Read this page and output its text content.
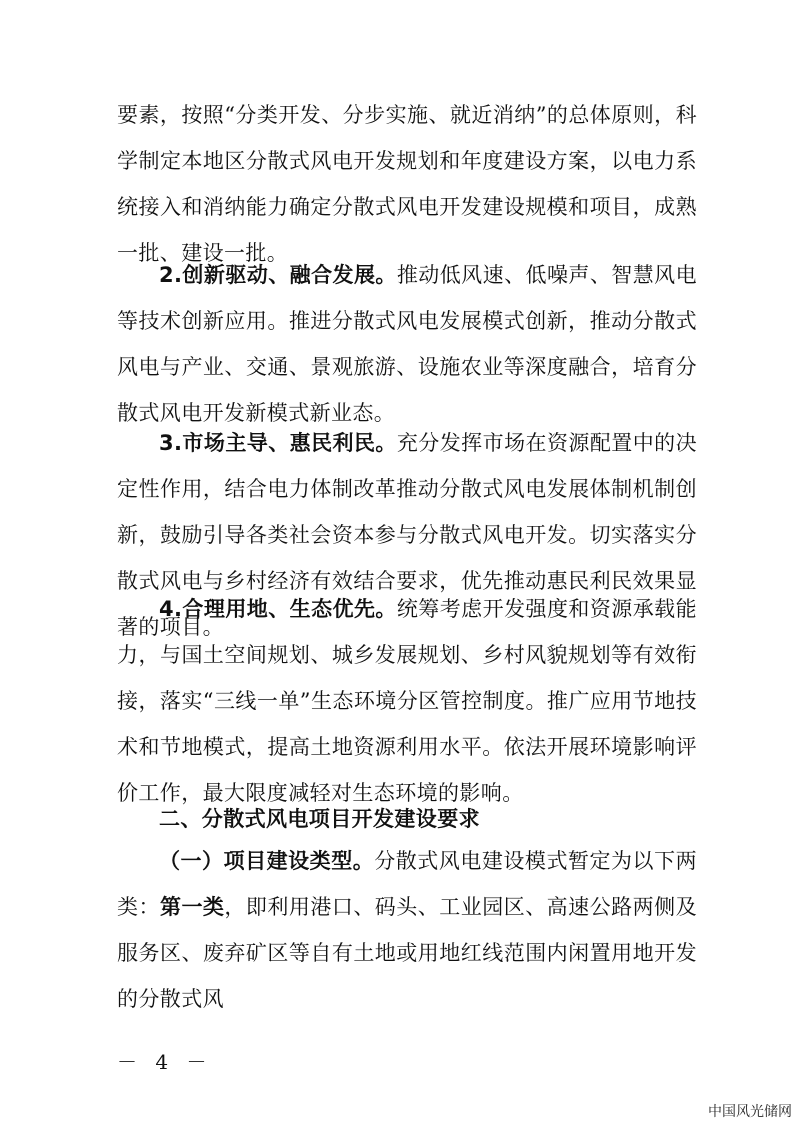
要素，按照“分类开发、分步实施、就近消纳”的总体原则，科学制定本地区分散式风电开发规划和年度建设方案，以电力系统接入和消纳能力确定分散式风电开发建设规模和项目，成熟一批、建设一批。

2.创新驱动、融合发展。推动低风速、低噪声、智慧风电等技术创新应用。推进分散式风电发展模式创新，推动分散式风电与产业、交通、景观旅游、设施农业等深度融合，培育分散式风电开发新模式新业态。

3.市场主导、惠民利民。充分发挥市场在资源配置中的决定性作用，结合电力体制改革推动分散式风电发展体制机制创新，鼓励引导各类社会资本参与分散式风电开发。切实落实分散式风电与乡村经济有效结合要求，优先推动惠民利民效果显著的项目。

4.合理用地、生态优先。统筹考虑开发强度和资源承载能力，与国土空间规划、城乡发展规划、乡村风貌规划等有效衔接，落实“三线一单”生态环境分区管控制度。推广应用节地技术和节地模式，提高土地资源利用水平。依法开展环境影响评价工作，最大限度减轻对生态环境的影响。

二、分散式风电项目开发建设要求

（一）项目建设类型。分散式风电建设模式暂定为以下两类：第一类，即利用港口、码头、工业园区、高速公路两侧及服务区、废弃矿区等自有土地或用地红线范围内闲置用地开发的分散式风

－ 4 －
中国风光储网
